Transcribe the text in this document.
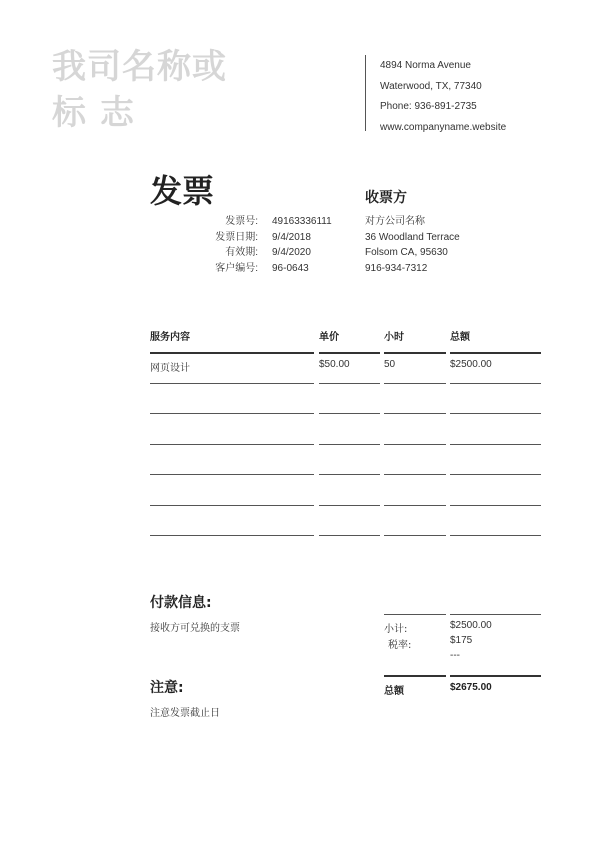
我司名称或
标志
4894 Norma Avenue
Waterwood, TX, 77340
Phone: 936-891-2735
www.companyname.website
发票	收票方
发票号: 49163336111
发票日期: 9/4/2018
有效期: 9/4/2020
客户编号: 96-0643
对方公司名称
36 Woodland Terrace
Folsom CA, 95630
916-934-7312
服务内容	单价	小时	总额
网页设计	$50.00	50	$2500.00
付款信息:
接收方可兑换的支票
注意:
注意发票截止日
小计:	$2500.00
税率:	$175
---
总额	$2675.00
